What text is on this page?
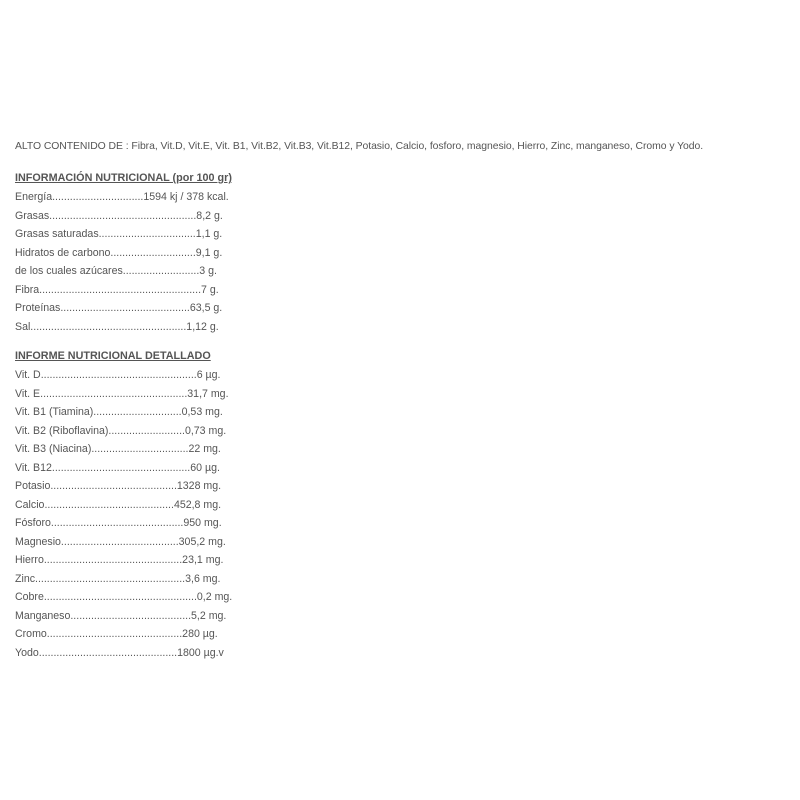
ALTO CONTENIDO DE : Fibra, Vit.D, Vit.E, Vit. B1, Vit.B2, Vit.B3, Vit.B12, Potasio, Calcio, fosforo, magnesio, Hierro, Zinc, manganeso, Cromo y Yodo.

INFORMACIÓN NUTRICIONAL (por 100 gr)
Energía...............................1594 kj / 378 kcal.
Grasas..................................................8,2 g.
Grasas saturadas.................................1,1 g.
Hidratos de carbono.............................9,1 g.
de los cuales azúcares..........................3 g.
Fibra.......................................................7 g.
Proteínas............................................63,5 g.
Sal.....................................................1,12 g.
INFORME NUTRICIONAL DETALLADO
Vit. D.....................................................6 µg.
Vit. E..................................................31,7 mg.
Vit. B1 (Tiamina)..............................0,53 mg.
Vit. B2 (Riboflavina)..........................0,73 mg.
Vit. B3 (Niacina).................................22 mg.
Vit. B12...............................................60 µg.
Potasio...........................................1328 mg.
Calcio............................................452,8 mg.
Fósforo.............................................950 mg.
Magnesio........................................305,2 mg.
Hierro...............................................23,1 mg.
Zinc...................................................3,6 mg.
Cobre....................................................0,2 mg.
Manganeso.........................................5,2 mg.
Cromo..............................................280 µg.
Yodo...............................................1800 µg.v
